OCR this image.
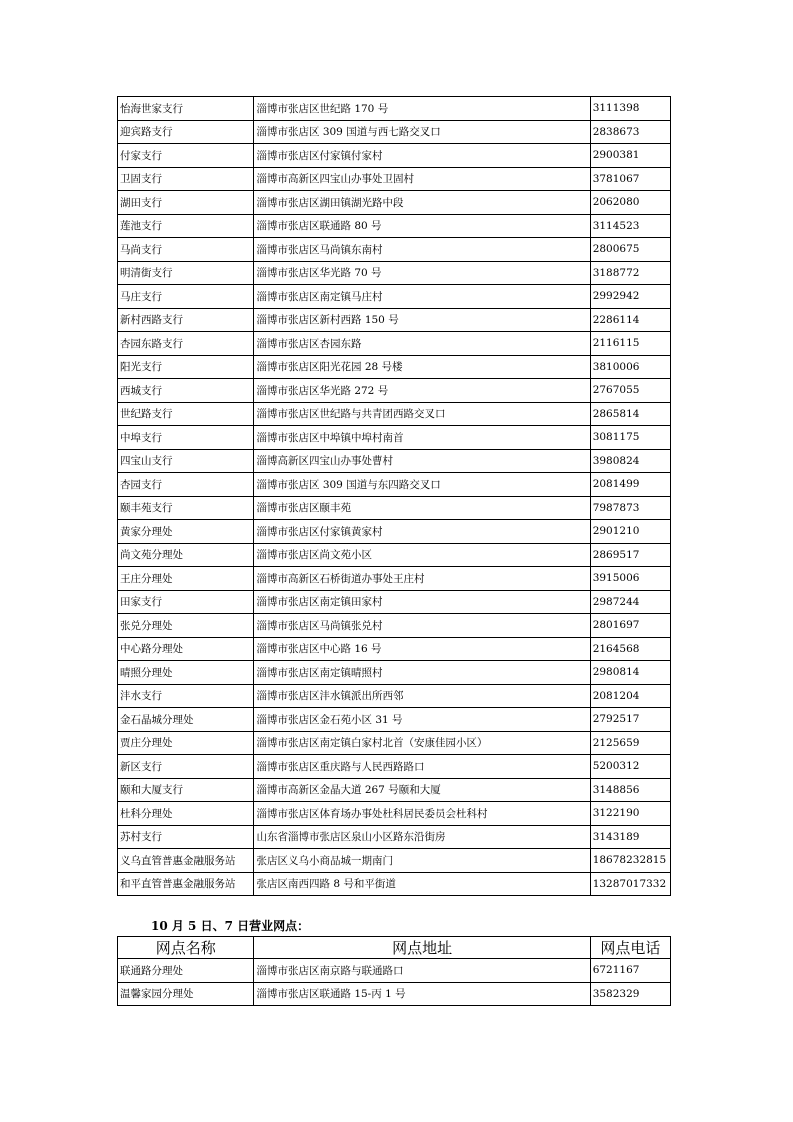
怡海世家支行	淄博市张店区世纪路 170 号	3111398
迎宾路支行	淄博市张店区 309 国道与西七路交叉口	2838673
付家支行	淄博市张店区付家镇付家村	2900381
卫固支行	淄博市高新区四宝山办事处卫固村	3781067
湖田支行	淄博市张店区湖田镇湖光路中段	2062080
莲池支行	淄博市张店区联通路 80 号	3114523
马尚支行	淄博市张店区马尚镇东南村	2800675
明清街支行	淄博市张店区华光路 70 号	3188772
马庄支行	淄博市张店区南定镇马庄村	2992942
新村西路支行	淄博市张店区新村西路 150 号	2286114
杏园东路支行	淄博市张店区杏园东路	2116115
阳光支行	淄博市张店区阳光花园 28 号楼	3810006
西城支行	淄博市张店区华光路 272 号	2767055
世纪路支行	淄博市张店区世纪路与共青团西路交叉口	2865814
中埠支行	淄博市张店区中埠镇中埠村南首	3081175
四宝山支行	淄博高新区四宝山办事处曹村	3980824
杏园支行	淄博市张店区 309 国道与东四路交叉口	2081499
颐丰苑支行	淄博市张店区颐丰苑	7987873
黄家分理处	淄博市张店区付家镇黄家村	2901210
尚文苑分理处	淄博市张店区尚文苑小区	2869517
王庄分理处	淄博市高新区石桥街道办事处王庄村	3915006
田家支行	淄博市张店区南定镇田家村	2987244
张兑分理处	淄博市张店区马尚镇张兑村	2801697
中心路分理处	淄博市张店区中心路 16 号	2164568
晴照分理处	淄博市张店区南定镇晴照村	2980814
沣水支行	淄博市张店区沣水镇派出所西邻	2081204
金石晶城分理处	淄博市张店区金石苑小区 31 号	2792517
贾庄分理处	淄博市张店区南定镇白家村北首（安康佳园小区）	2125659
新区支行	淄博市张店区重庆路与人民西路路口	5200312
颐和大厦支行	淄博市高新区金晶大道 267 号颐和大厦	3148856
杜科分理处	淄博市张店区体育场办事处杜科居民委员会杜科村	3122190
苏村支行	山东省淄博市张店区泉山小区路东沿街房	3143189
义乌直管普惠金融服务站	张店区义乌小商品城一期南门	18678232815
和平直管普惠金融服务站	张店区南西四路 8 号和平街道	13287017332
10 月 5 日、7 日营业网点：
网点名称	网点地址	网点电话
联通路分理处	淄博市张店区南京路与联通路口	6721167
温馨家园分理处	淄博市张店区联通路 15-丙 1 号	3582329
